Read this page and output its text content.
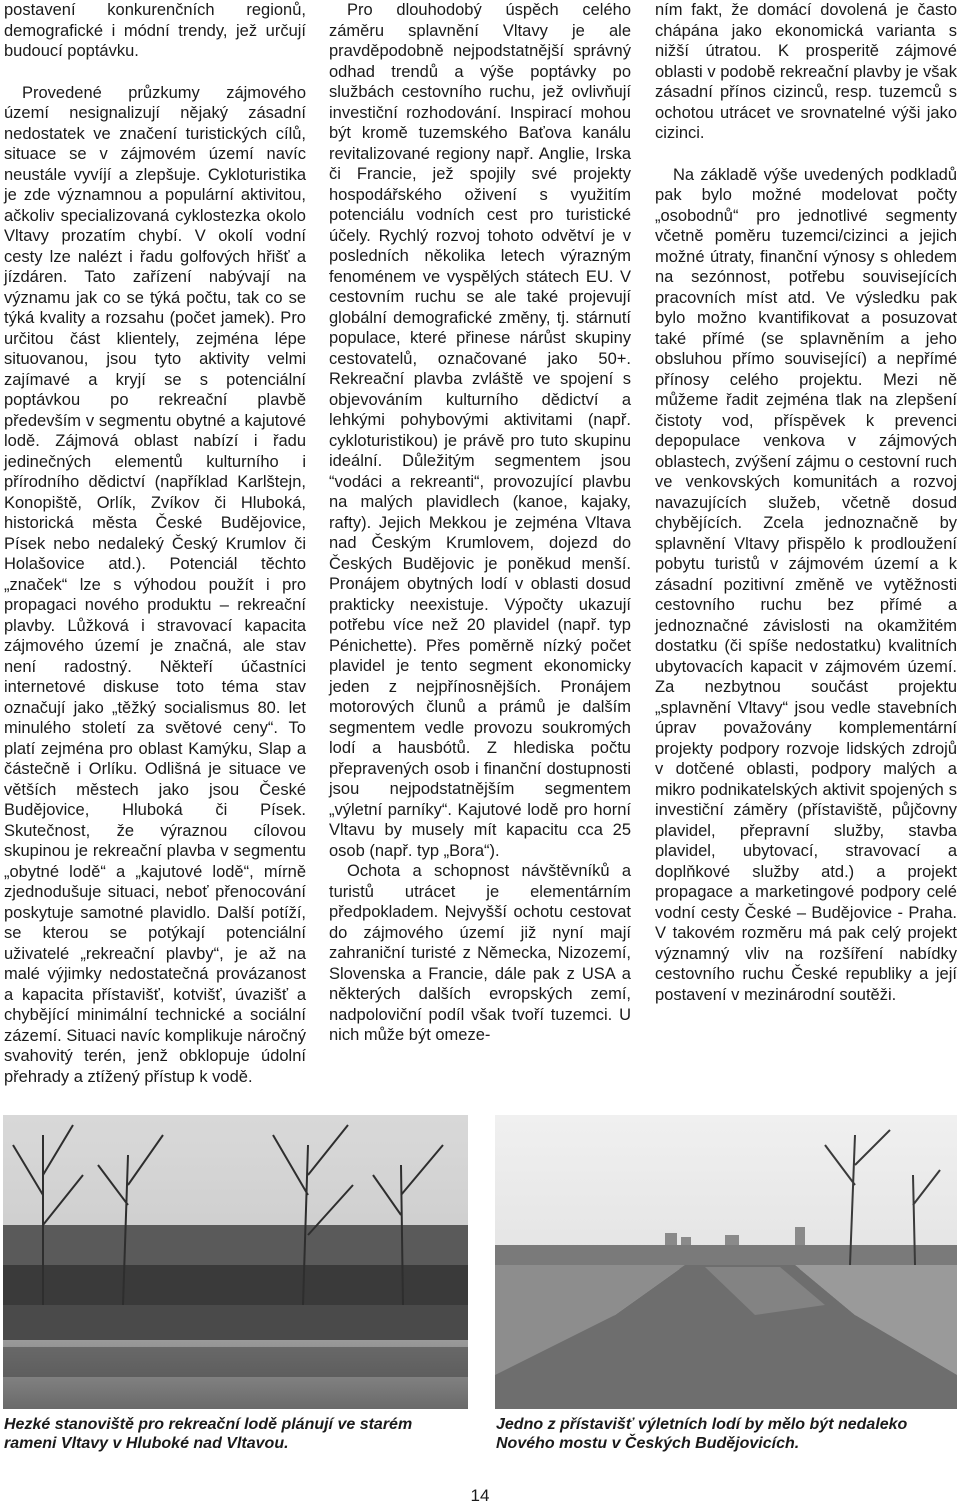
postavení konkurenčních regionů, demografické i módní trendy, jež určují budoucí poptávku.

Provedené průzkumy zájmového území nesignalizují nějaký zásadní nedostatek ve značení turistických cílů, situace se v zájmovém území navíc neustále vyvíjí a zlepšuje. Cykloturistika je zde významnou a populární aktivitou, ačkoliv specializovaná cyklostezka okolo Vltavy prozatím chybí. V okolí vodní cesty lze nalézt i řadu golfových hřišť a jízdáren. Tato zařízení nabývají na významu jak co se týká počtu, tak co se týká kvality a rozsahu (počet jamek). Pro určitou část klientely, zejména lépe situovanou, jsou tyto aktivity velmi zajímavé a kryjí se s potenciální poptávkou po rekreační plavbě především v segmentu obytné a kajutové lodě. Zájmová oblast nabízí i řadu jedinečných elementů kulturního i přírodního dědictví (například Karlštejn, Konopiště, Orlík, Zvíkov či Hluboká, historická města České Budějovice, Písek nebo nedaleký Český Krumlov či Holašovice atd.). Potenciál těchto „značek“ lze s výhodou použít i pro propagaci nového produktu – rekreační plavby. Lůžková i stravovací kapacita zájmového území je značná, ale stav není radostný. Někteří účastníci internetové diskuse toto téma stav označují jako „těžký socialismus 80. let minulého století za světové ceny“. To platí zejména pro oblast Kamýku, Slap a částečně i Orlíku. Odlišná je situace ve větších městech jako jsou České Budějovice, Hluboká či Písek. Skutečnost, že výraznou cílovou skupinou je rekreační plavba v segmentu „obytné lodě“ a „kajutové lodě“, mírně zjednodušuje situaci, neboť přenocování poskytuje samotné plavidlo. Další potíží, se kterou se potýkají potenciální uživatelé „rekreační plavby“, je až na malé výjimky nedostatečná provázanost a kapacita přístavišť, kotvišť, úvazišť a chybějící minimální technické a sociální zázemí. Situaci navíc komplikuje náročný svahovitý terén, jenž obklopuje údolní přehrady a ztížený přístup k vodě.

Pro dlouhodobý úspěch celého záměru splavnění Vltavy je ale pravděpodobně nejpodstatnější správný odhad trendů a výše poptávky po službách cestovního ruchu, jež ovlivňují investiční rozhodování. Inspirací mohou být kromě tuzemského Baťova kanálu revitalizované regiony např. Anglie, Irska či Francie, jež spojily své projekty hospodářského oživení s využitím potenciálu vodních cest pro turistické účely. Rychlý rozvoj tohoto odvětví je v posledních několika letech výrazným fenoménem ve vyspělých státech EU. V cestovním ruchu se ale také projevují globální demografické změny, tj. stárnutí populace, které přinese nárůst skupiny cestovatelů, označované jako 50+. Rekreační plavba zvláště ve spojení s objevováním kulturního dědictví a lehkými pohybovými aktivitami (např. cykloturistikou) je právě pro tuto skupinu ideální. Důležitým segmentem jsou “vodáci a rekreanti“, provozující plavbu na malých plavidlech (kanoe, kajaky, rafty). Jejich Mekkou je zejména Vltava nad Českým Krumlovem, dojezd do Českých Budějovic je poněkud menší. Pronájem obytných lodí v oblasti dosud prakticky neexistuje. Výpočty ukazují potřebu více než 20 plavidel (např. typ Pénichette). Přes poměrně nízký počet plavidel je tento segment ekonomicky jeden z nejpřínosnějších. Pronájem motorových člunů a prámů je dalším segmentem vedle provozu soukromých lodí a hausbótů. Z hlediska počtu přepravených osob i finanční dostupnosti jsou nejpodstatnějším segmentem „výletní parníky“. Kajutové lodě pro horní Vltavu by musely mít kapacitu cca 25 osob (např. typ „Bora“).

Ochota a schopnost návštěvníků a turistů utrácet je elementárním předpokladem. Nejvyšší ochotu cestovat do zájmového území již nyní mají zahraniční turisté z Německa, Nizozemí, Slovenska a Francie, dále pak z USA a některých dalších evropských zemí, nadpoloviční podíl však tvoří tuzemci. U nich může být omeze-

ním fakt, že domácí dovolená je často chápána jako ekonomická varianta s nižší útratou. K prosperitě zájmové oblasti v podobě rekreační plavby je však zásadní přínos cizinců, resp. tuzemců s ochotou utrácet ve srovnatelné výši jako cizinci.

Na základě výše uvedených podkladů pak bylo možné modelovat počty „osobodnů“ pro jednotlivé segmenty včetně poměru tuzemci/cizinci a jejich možné útraty, finanční výnosy s ohledem na sezónnost, potřebu souvisejících pracovních míst atd. Ve výsledku pak bylo možno kvantifikovat a posuzovat také přímé (se splavněním a jeho obsluhou přímo související) a nepřímé přínosy celého projektu. Mezi ně můžeme řadit zejména tlak na zlepšení čistoty vod, příspěvek k prevenci depopulace venkova v zájmových oblastech, zvýšení zájmu o cestovní ruch ve venkovských komunitách a rozvoj navazujících služeb, včetně dosud chybějících. Zcela jednoznačně by splavnění Vltavy přispělo k prodloužení pobytu turistů v zájmovém území a k zásadní pozitivní změně ve vytěžnosti cestovního ruchu bez přímé a jednoznačné závislosti na okamžitém dostatku (či spíše nedostatku) kvalitních ubytovacích kapacit v zájmovém území. Za nezbytnou součást projektu „splavnění Vltavy“ jsou vedle stavebních úprav považovány komplementární projekty podpory rozvoje lidských zdrojů v dotčené oblasti, podpory malých a mikro podnikatelských aktivit spojených s investiční záměry (přístaviště, půjčovny plavidel, přepravní služby, stavba plavidel, ubytovací, stravovací a doplňkové služby atd.) a projekt propagace a marketingové podpory celé vodní cesty České – Budějovice - Praha. V takovém rozměru má pak celý projekt významný vliv na rozšíření nabídky cestovního ruchu České republiky a její postavení v mezinárodní soutěži.

Hezké stanoviště pro rekreační lodě plánují ve starém rameni Vltavy v Hluboké nad Vltavou.
Jedno z přístavišť výletních lodí by mělo být nedaleko Nového mostu v Českých Budějovicích.
14
